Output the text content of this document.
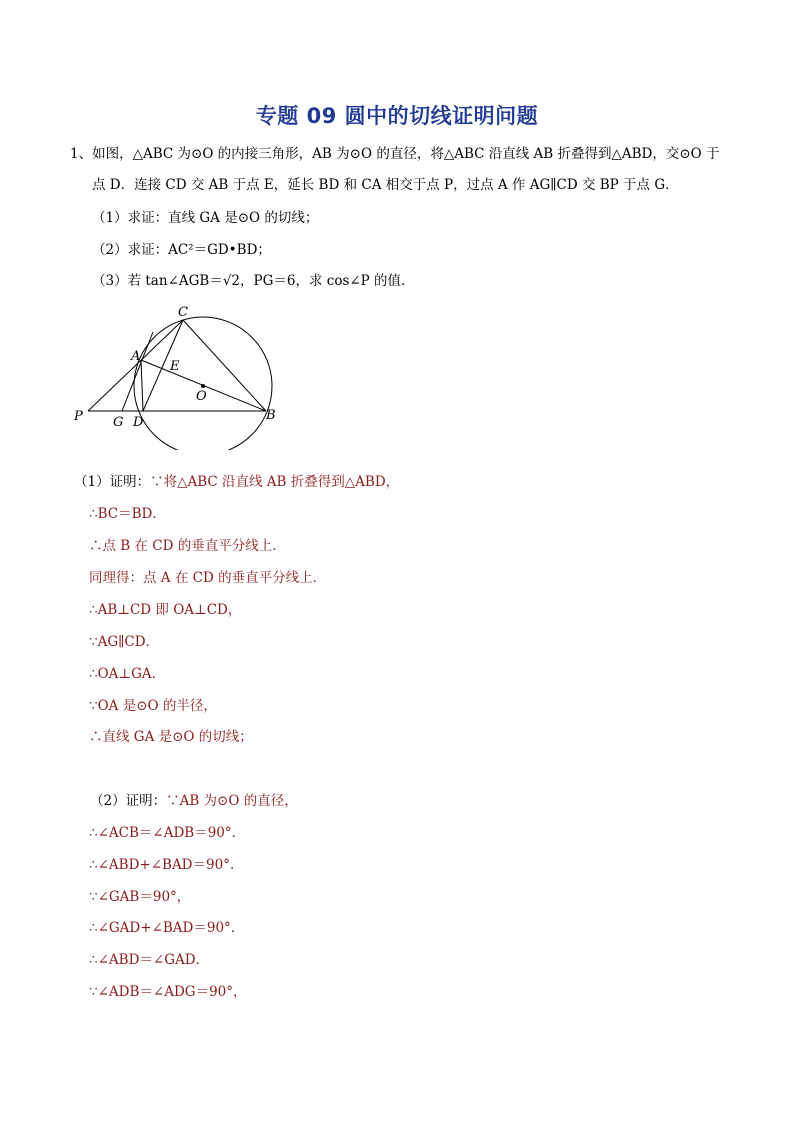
专题 09 圆中的切线证明问题
1、如图，△ABC 为⊙O 的内接三角形，AB 为⊙O 的直径，将△ABC 沿直线 AB 折叠得到△ABD，交⊙O 于
点 D．连接 CD 交 AB 于点 E，延长 BD 和 CA 相交于点 P，过点 A 作 AG∥CD 交 BP 于点 G．
（1）求证：直线 GA 是⊙O 的切线；
（2）求证：AC²＝GD•BD；
（3）若 tan∠AGB＝√2，PG＝6，求 cos∠P 的值．
C
A
E
O
P G D	B
（1）证明：∵将△ABC 沿直线 AB 折叠得到△ABD，
∴BC＝BD．
∴点 B 在 CD 的垂直平分线上．
同理得：点 A 在 CD 的垂直平分线上．
∴AB⊥CD 即 OA⊥CD，
∵AG∥CD．
∴OA⊥GA．
∵OA 是⊙O 的半径，
∴直线 GA 是⊙O 的切线；
（2）证明：∵AB 为⊙O 的直径，
∴∠ACB＝∠ADB＝90°．
∴∠ABD+∠BAD＝90°．
∵∠GAB＝90°，
∴∠GAD+∠BAD＝90°．
∴∠ABD＝∠GAD．
∵∠ADB＝∠ADG＝90°，
